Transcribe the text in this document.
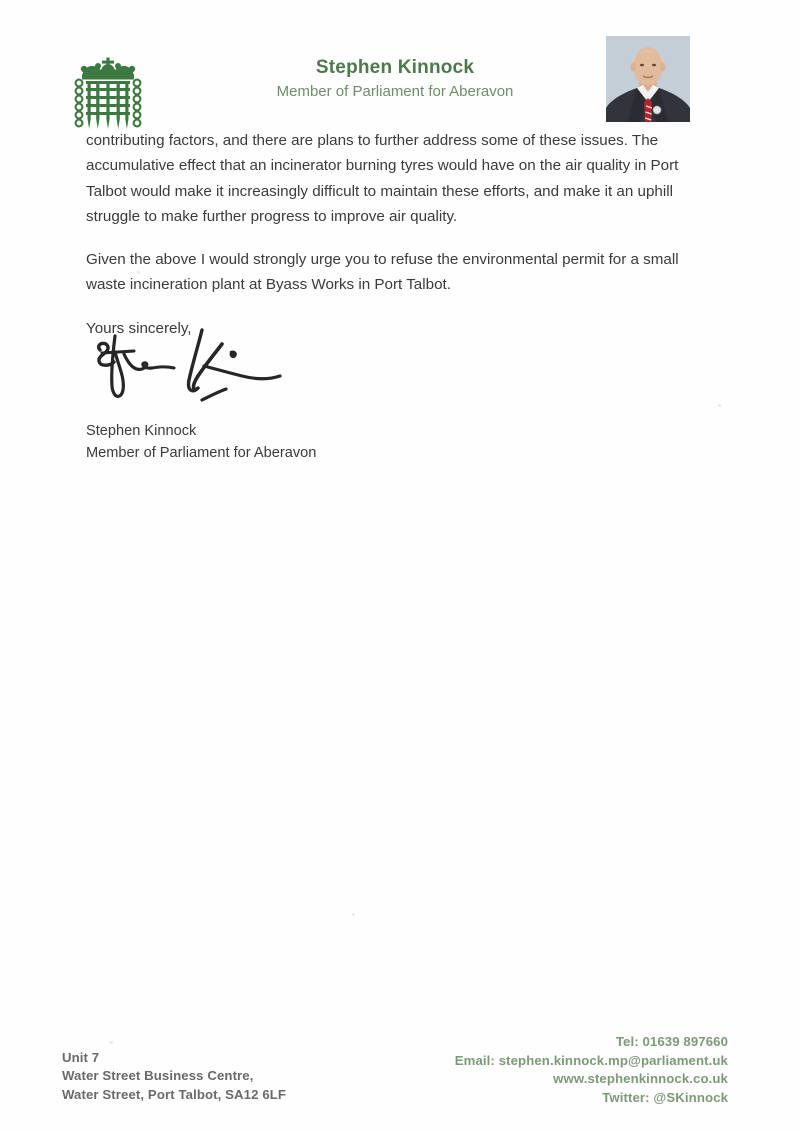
Stephen Kinnock
Member of Parliament for Aberavon

contributing factors, and there are plans to further address some of these issues. The accumulative effect that an incinerator burning tyres would have on the air quality in Port Talbot would make it increasingly difficult to maintain these efforts, and make it an uphill struggle to make further progress to improve air quality.

Given the above I would strongly urge you to refuse the environmental permit for a small waste incineration plant at Byass Works in Port Talbot.

Yours sincerely,

Stephen Kinnock
Member of Parliament for Aberavon
Unit 7
Water Street Business Centre,
Water Street, Port Talbot, SA12 6LF
Tel: 01639 897660
Email: stephen.kinnock.mp@parliament.uk
www.stephenkinnock.co.uk
Twitter: @SKinnock
